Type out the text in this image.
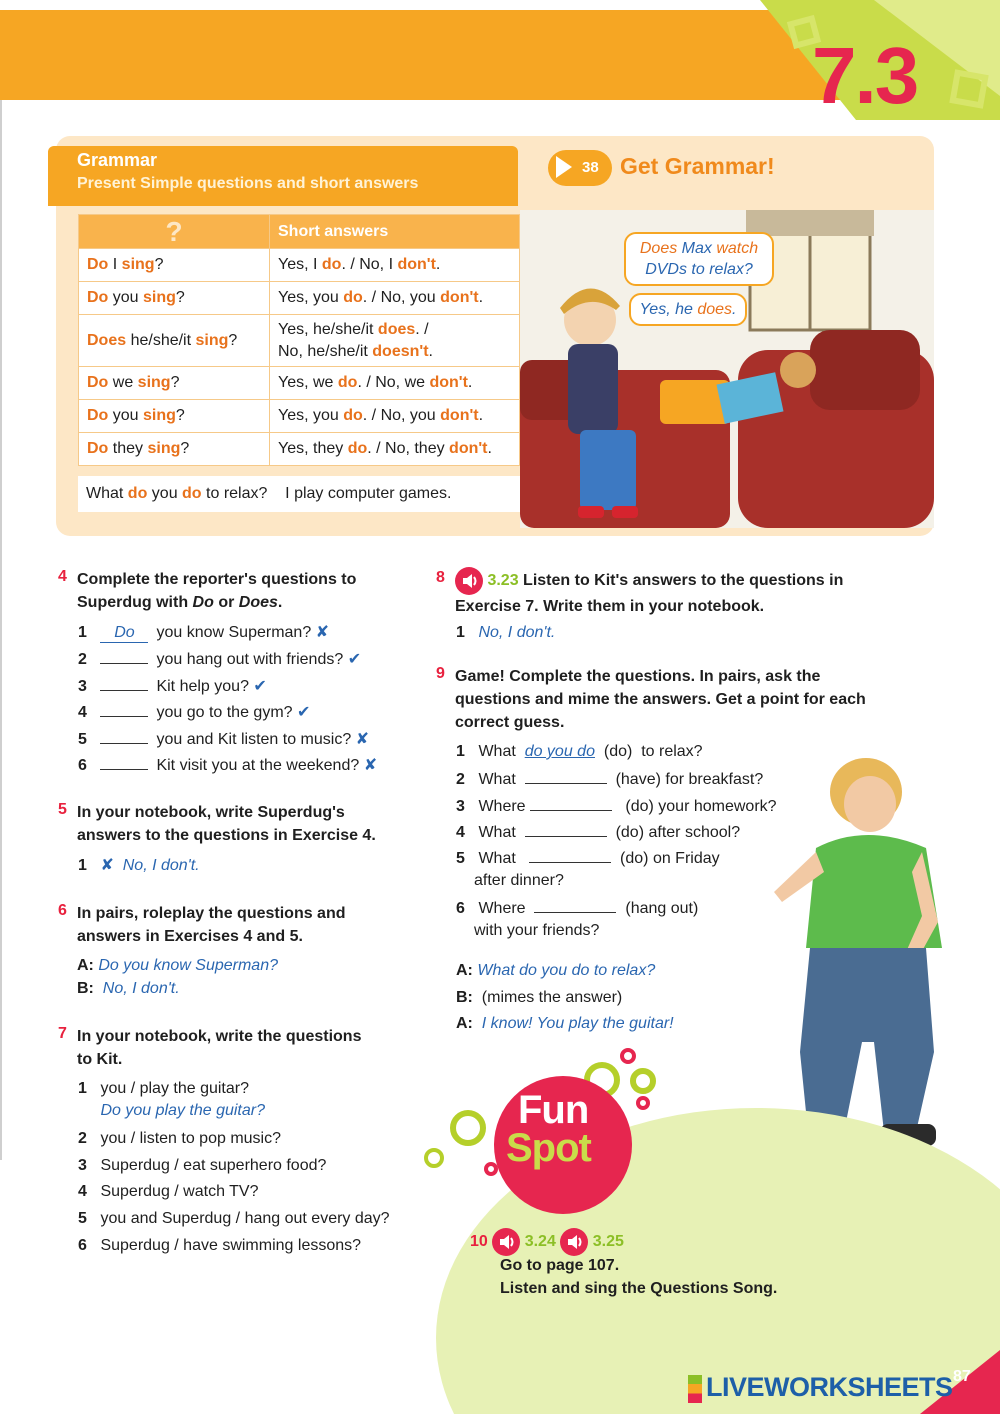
7.3
Grammar
Present Simple questions and short answers
?	Short answers
Do I sing?	Yes, I do. / No, I don't.
Do you sing?	Yes, you do. / No, you don't.
Does he/she/it sing?	Yes, he/she/it does. /
No, he/she/it doesn't.
Do we sing?	Yes, we do. / No, we don't.
Do you sing?	Yes, you do. / No, you don't.
Do they sing?	Yes, they do. / No, they don't.
What do you do to relax? I play computer games.
38 Get Grammar!
Does Max watch DVDs to relax?
Yes, he does.
4 Complete the reporter's questions to
Superdug with Do or Does.
1 Do you know Superman? ✘
2	you hang out with friends? ✔
3	Kit help you? ✔
4	you go to the gym? ✔
5	you and Kit listen to music? ✘
6	Kit visit you at the weekend? ✘
5 In your notebook, write Superdug's
answers to the questions in Exercise 4.
1 ✘ No, I don't.
6 In pairs, roleplay the questions and
answers in Exercises 4 and 5.
A: Do you know Superman?
B: No, I don't.
7 In your notebook, write the questions
to Kit.
1 you / play the guitar?
Do you play the guitar?
2 you / listen to pop music?
3 Superdug / eat superhero food?
4 Superdug / watch TV?
5 you and Superdug / hang out every day?
6 Superdug / have swimming lessons?
8	3.23 Listen to Kit's answers to the questions in
Exercise 7. Write them in your notebook.
1 No, I don't.
9 Game! Complete the questions. In pairs, ask the
questions and mime the answers. Get a point for each
correct guess.
1 What do you do (do) to relax?
2 What	(have) for breakfast?
3 Where	(do) your homework?
4 What	(do) after school?
5 What	(do) on Friday
after dinner?
6 Where	(hang out)
with your friends?
A: What do you do to relax?
B: (mimes the answer)
A: I know! You play the guitar!
Fun
Spot
10 3.24 3.25
Go to page 107.
Listen and sing the Questions Song.
87
LIVEWORKSHEETS
